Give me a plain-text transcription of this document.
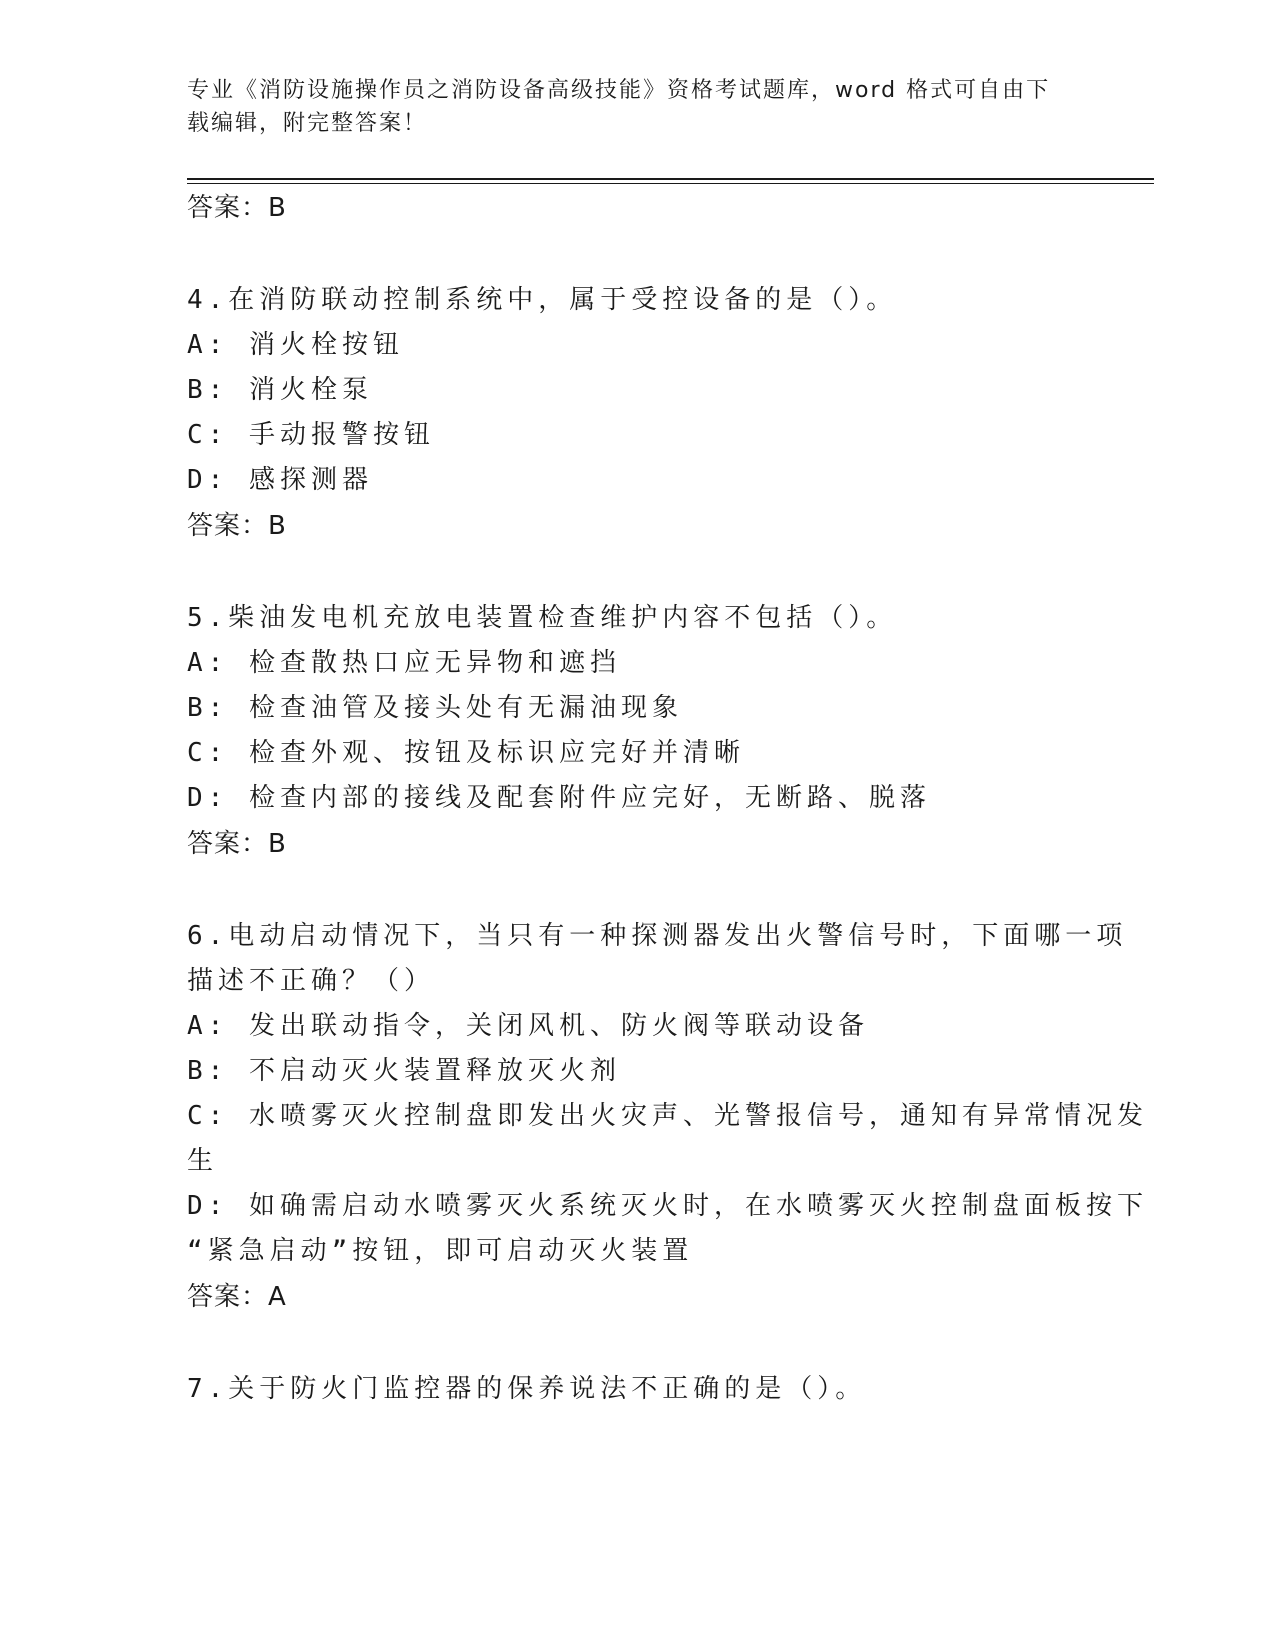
专业《消防设施操作员之消防设备高级技能》资格考试题库，word 格式可自由下
载编辑，附完整答案！
答案：B
4.在消防联动控制系统中，属于受控设备的是（）。
A: 消火栓按钮
B: 消火栓泵
C: 手动报警按钮
D: 感探测器
答案：B
5.柴油发电机充放电装置检查维护内容不包括（）。
A: 检查散热口应无异物和遮挡
B: 检查油管及接头处有无漏油现象
C: 检查外观、按钮及标识应完好并清晰
D: 检查内部的接线及配套附件应完好，无断路、脱落
答案：B
6.电动启动情况下，当只有一种探测器发出火警信号时，下面哪一项
描述不正确？（）
A: 发出联动指令，关闭风机、防火阀等联动设备
B: 不启动灭火装置释放灭火剂
C: 水喷雾灭火控制盘即发出火灾声、光警报信号，通知有异常情况发
生
D: 如确需启动水喷雾灭火系统灭火时，在水喷雾灭火控制盘面板按下
“紧急启动”按钮，即可启动灭火装置
答案：A
7.关于防火门监控器的保养说法不正确的是（）。
